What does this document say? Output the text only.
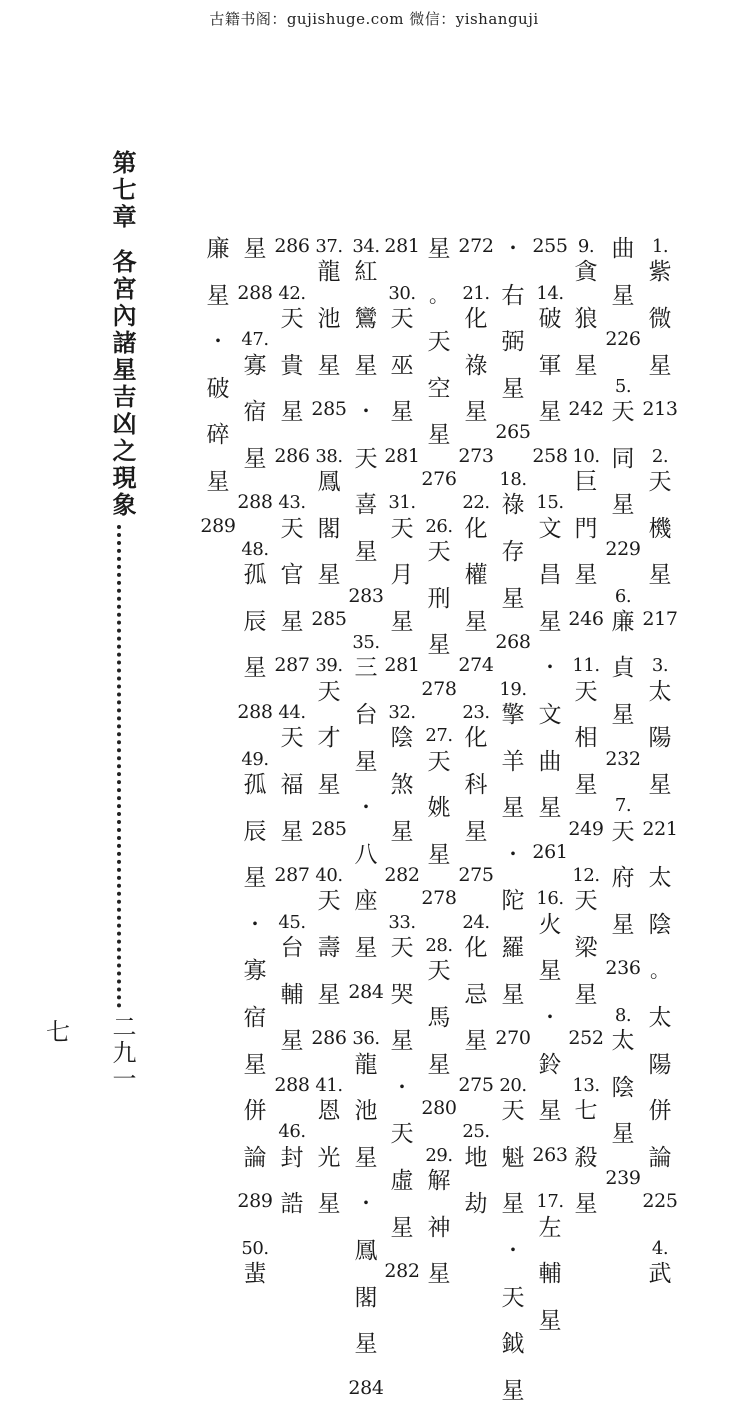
古籍书阁：gujishuge.com 微信：yishanguji
第七章
各宮內諸星吉凶之現象
二九一
七
1.
紫
微
星
213
2.
天
機
星
217
3.
太
陽
星
221
太
陰
。
太
陽
併
論
225
4.
武
曲
星
226
5.
天
同
星
229
6.
廉
貞
星
232
7.
天
府
星
236
8.
太
陰
星
239
9.
貪
狼
星
242
10.
巨
門
星
246
11.
天
相
星
249
12.
天
梁
星
252
13.
七
殺
星
255
14.
破
軍
星
258
15.
文
昌
星
・
文
曲
星
261
16.
火
星
・
鈴
星
263
17.
左
輔
星
・
右
弼
星
265
18.
祿
存
星
268
19.
擎
羊
星
・
陀
羅
星
270
20.
天
魁
星
・
天
鉞
星
272
21.
化
祿
星
273
22.
化
權
星
274
23.
化
科
星
275
24.
化
忌
星
275
25.
地
劫
星
。
天
空
星
276
26.
天
刑
星
278
27.
天
姚
星
278
28.
天
馬
星
280
29.
解
神
星
281
30.
天
巫
星
281
31.
天
月
星
281
32.
陰
煞
星
282
33.
天
哭
星
・
天
虛
星
282
34.
紅
鸞
星
・
天
喜
星
283
35.
三
台
星
・
八
座
星
284
36.
龍
池
星
・
鳳
閣
星
284
37.
龍
池
星
285
38.
鳳
閣
星
285
39.
天
才
星
285
40.
天
壽
星
286
41.
恩
光
星
286
42.
天
貴
星
286
43.
天
官
星
287
44.
天
福
星
287
45.
台
輔
星
288
46.
封
誥
星
288
47.
寡
宿
星
288
48.
孤
辰
星
288
49.
孤
辰
星
・
寡
宿
星
併
論
289
50.
蜚
廉
星
・
破
碎
星
289
